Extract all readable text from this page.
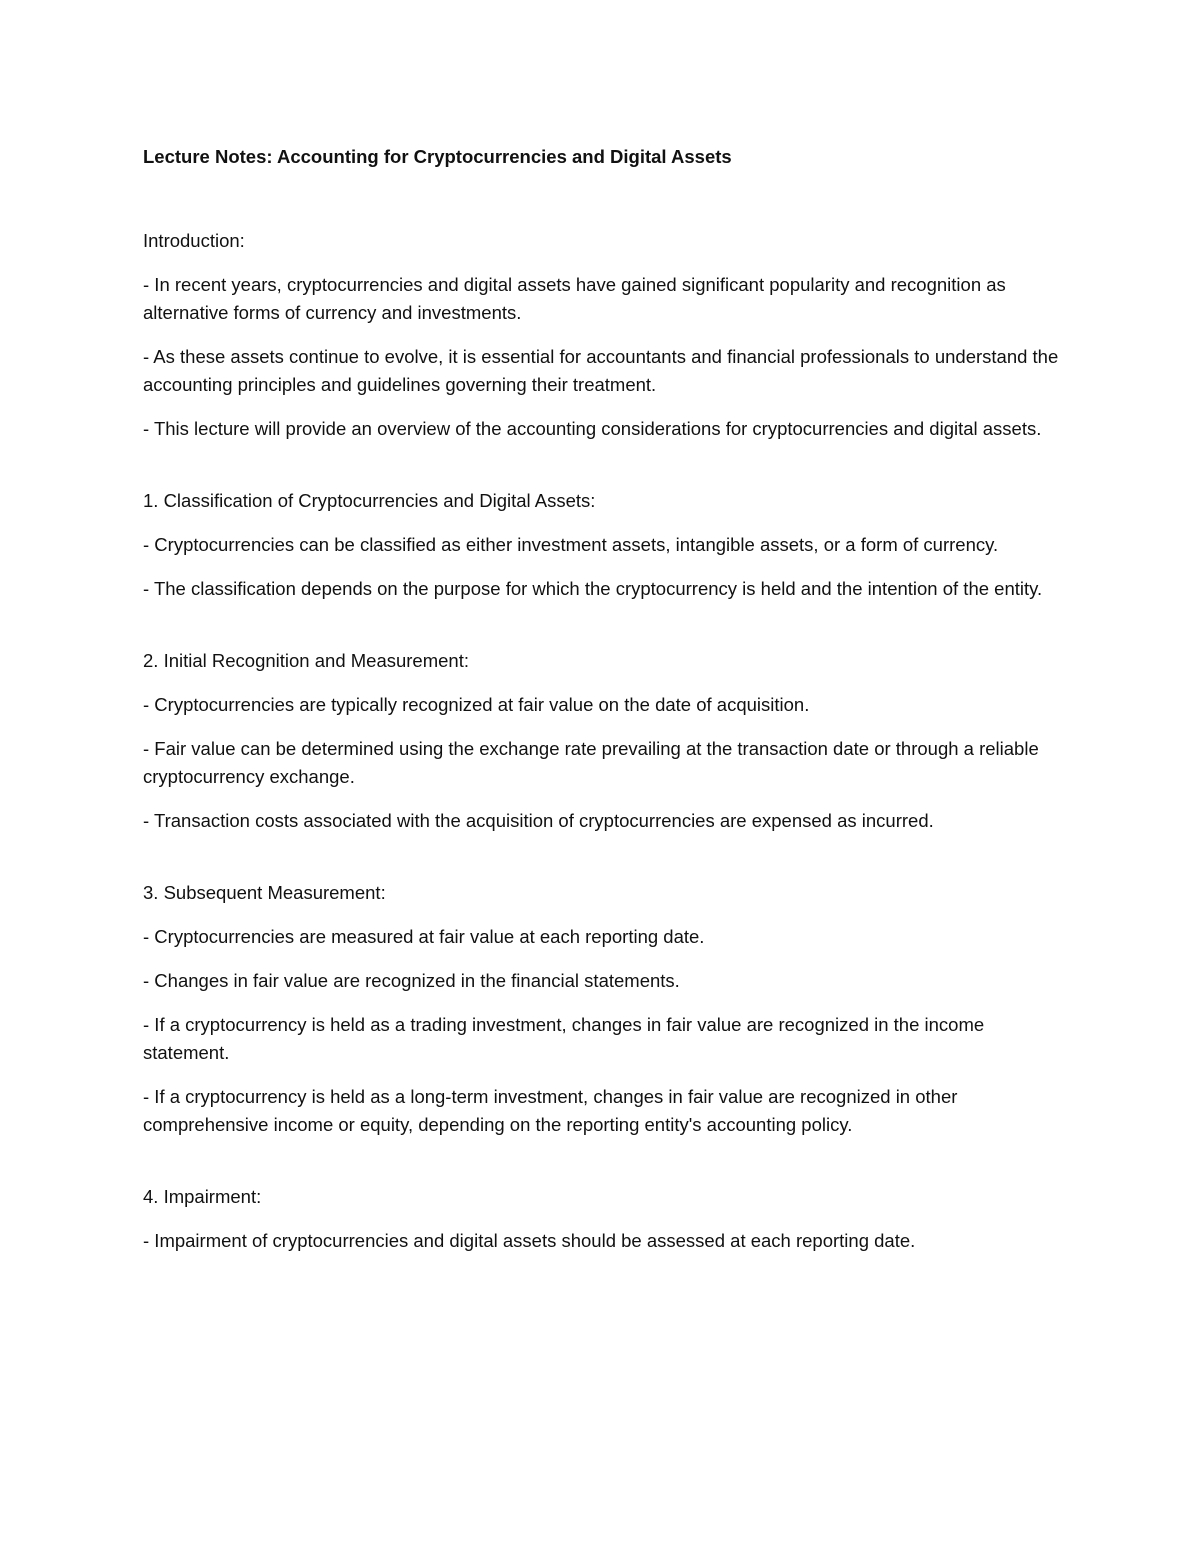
Lecture Notes: Accounting for Cryptocurrencies and Digital Assets
Introduction:
- In recent years, cryptocurrencies and digital assets have gained significant popularity and recognition as alternative forms of currency and investments.
- As these assets continue to evolve, it is essential for accountants and financial professionals to understand the accounting principles and guidelines governing their treatment.
- This lecture will provide an overview of the accounting considerations for cryptocurrencies and digital assets.
1. Classification of Cryptocurrencies and Digital Assets:
- Cryptocurrencies can be classified as either investment assets, intangible assets, or a form of currency.
- The classification depends on the purpose for which the cryptocurrency is held and the intention of the entity.
2. Initial Recognition and Measurement:
- Cryptocurrencies are typically recognized at fair value on the date of acquisition.
- Fair value can be determined using the exchange rate prevailing at the transaction date or through a reliable cryptocurrency exchange.
- Transaction costs associated with the acquisition of cryptocurrencies are expensed as incurred.
3. Subsequent Measurement:
- Cryptocurrencies are measured at fair value at each reporting date.
- Changes in fair value are recognized in the financial statements.
- If a cryptocurrency is held as a trading investment, changes in fair value are recognized in the income statement.
- If a cryptocurrency is held as a long-term investment, changes in fair value are recognized in other comprehensive income or equity, depending on the reporting entity's accounting policy.
4. Impairment:
- Impairment of cryptocurrencies and digital assets should be assessed at each reporting date.
